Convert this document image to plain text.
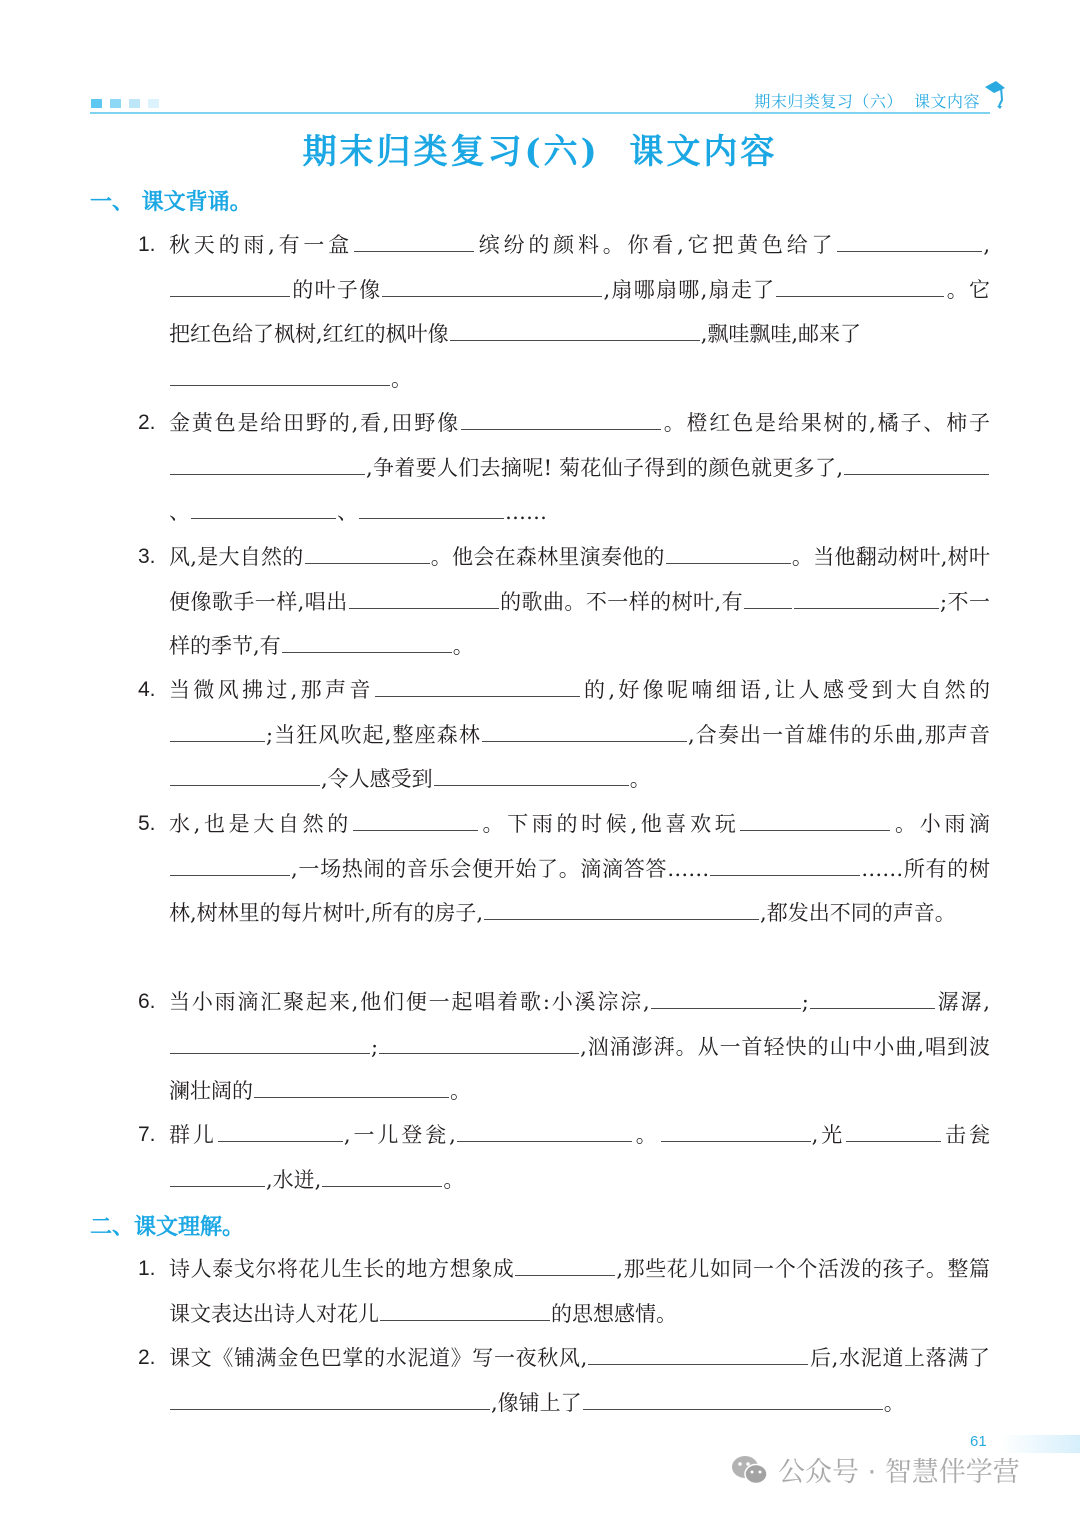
期末归类复习（六）  课文内容
期末归类复习(六)  课文内容
一、 课文背诵。
1. 秋天的雨,有一盒	缤纷的颜料。你看,它把黄色给了	,的叶子像	,扇哪扇哪,扇走了	。它把红色给了枫树,红红的枫叶像	,飘哇飘哇,邮来了
。
2. 金黄色是给田野的,看,田野像	。橙红色是给果树的,橘子、柿子,争着要人们去摘呢! 菊花仙子得到的颜色就更多了,、	、	……
3. 风,是大自然的	。他会在森林里演奏他的	。当他翻动树叶,树叶便像歌手一样,唱出	的歌曲。不一样的树叶,有	;不一样的季节,有	。
4. 当微风拂过,那声音	的,好像呢喃细语,让人感受到大自然的;当狂风吹起,整座森林	,合奏出一首雄伟的乐曲,那声音,令人感受到	。
5. 水,也是大自然的	。下雨的时候,他喜欢玩	。小雨滴,一场热闹的音乐会便开始了。滴滴答答……	……所有的树林,树林里的每片树叶,所有的房子,	,都发出不同的声音。
6. 当小雨滴汇聚起来,他们便一起唱着歌:小溪淙淙,	;	潺潺,;	,汹涌澎湃。从一首轻快的山中小曲,唱到波澜壮阔的	。
7. 群儿	,一儿登瓮,	。	,光	击瓮,水迸,	。
二、课文理解。
1. 诗人泰戈尔将花儿生长的地方想象成	,那些花儿如同一个个活泼的孩子。整篇课文表达出诗人对花儿	的思想感情。
2. 课文《铺满金色巴掌的水泥道》写一夜秋风,	后,水泥道上落满了,像铺上了	。
61
公众号 · 智慧伴学营
